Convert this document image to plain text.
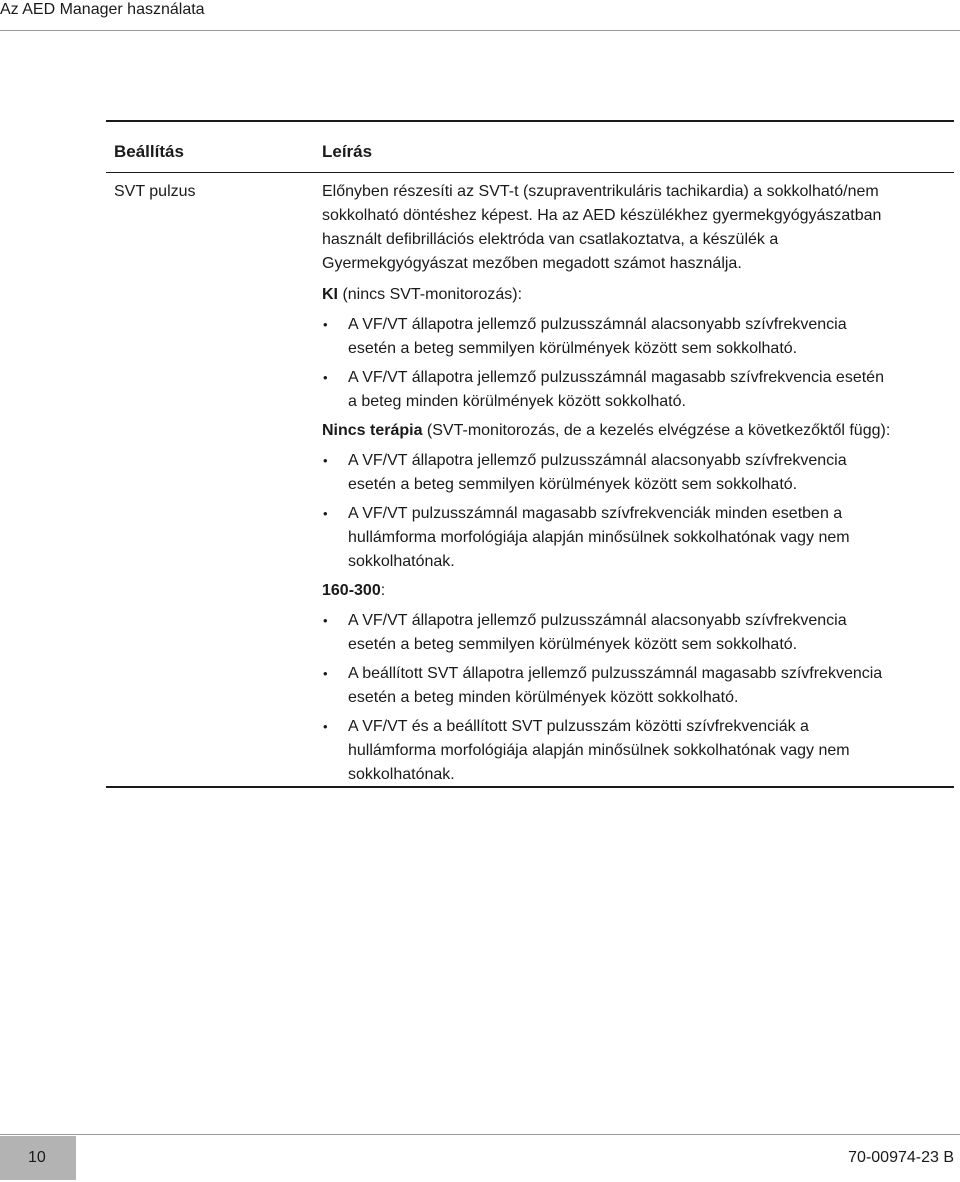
Az AED Manager használata
Beállítás	Leírás
SVT pulzus	Előnyben részesíti az SVT-t (szupraventrikuláris tachikardia) a sokkolható/nem
sokkolható döntéshez képest. Ha az AED készülékhez gyermekgyógyászatban
használt defibrillációs elektróda van csatlakoztatva, a készülék a
Gyermekgyógyászat mezőben megadott számot használja.

KI (nincs SVT-monitorozás):

• A VF/VT állapotra jellemző pulzusszámnál alacsonyabb szívfrekvencia
esetén a beteg semmilyen körülmények között sem sokkolható.
• A VF/VT állapotra jellemző pulzusszámnál magasabb szívfrekvencia esetén
a beteg minden körülmények között sokkolható.

Nincs terápia (SVT-monitorozás, de a kezelés elvégzése a következőktől függ):

• A VF/VT állapotra jellemző pulzusszámnál alacsonyabb szívfrekvencia
esetén a beteg semmilyen körülmények között sem sokkolható.
• A VF/VT pulzusszámnál magasabb szívfrekvenciák minden esetben a
hullámforma morfológiája alapján minősülnek sokkolhatónak vagy nem
sokkolhatónak.

160-300:

• A VF/VT állapotra jellemző pulzusszámnál alacsonyabb szívfrekvencia
esetén a beteg semmilyen körülmények között sem sokkolható.
• A beállított SVT állapotra jellemző pulzusszámnál magasabb szívfrekvencia
esetén a beteg minden körülmények között sokkolható.
• A VF/VT és a beállított SVT pulzusszám közötti szívfrekvenciák a
hullámforma morfológiája alapján minősülnek sokkolhatónak vagy nem
sokkolhatónak.
10	70-00974-23 B
